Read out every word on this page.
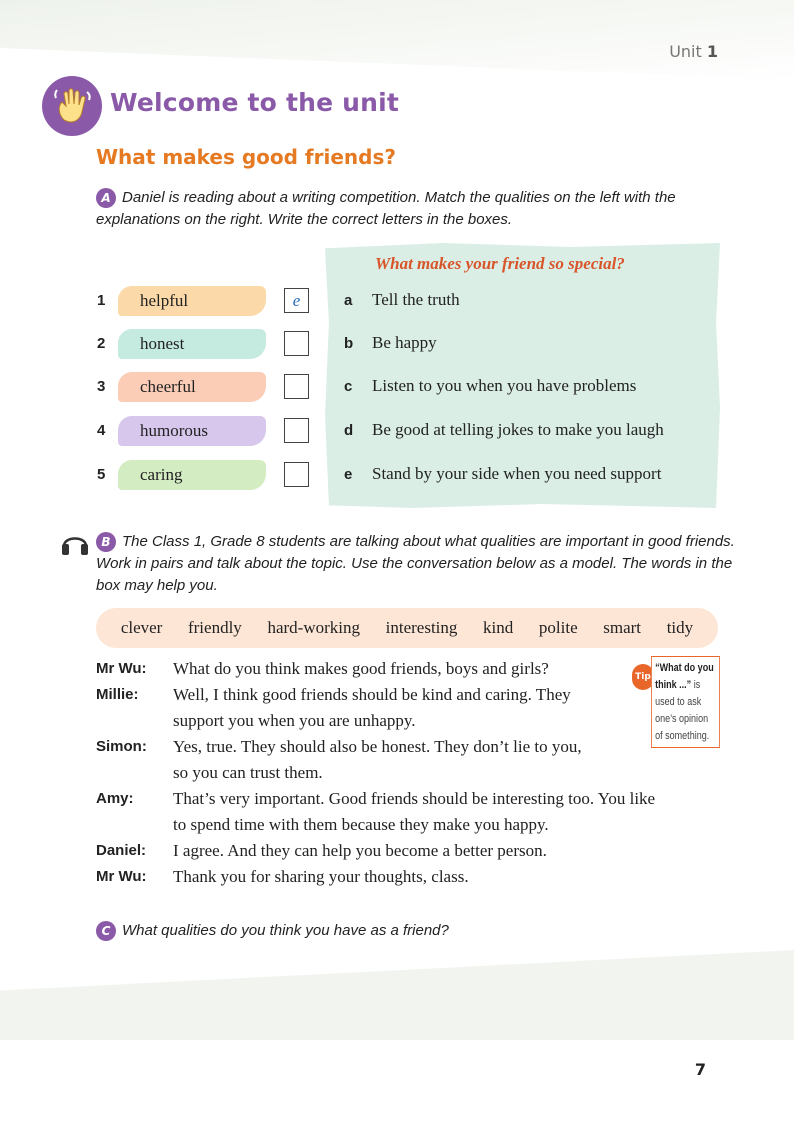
Unit 1
Welcome to the unit
What makes good friends?
A Daniel is reading about a writing competition. Match the qualities on the left with the explanations on the right. Write the correct letters in the boxes.
What makes your friend so special?
1	helpful	e
2	honest
3	cheerful
4	humorous
5	caring
a Tell the truth
b Be happy
c Listen to you when you have problems
d Be good at telling jokes to make you laugh
e Stand by your side when you need support
B The Class 1, Grade 8 students are talking about what qualities are important in good friends. Work in pairs and talk about the topic. Use the conversation below as a model. The words in the box may help you.
clever friendly hard-working interesting kind polite smart tidy
Mr Wu: What do you think makes good friends, boys and girls?
Millie: Well, I think good friends should be kind and caring. They
support you when you are unhappy.
Simon: Yes, true. They should also be honest. They don’t lie to you,
so you can trust them.
Amy: That’s very important. Good friends should be interesting too. You like
to spend time with them because they make you happy.
Daniel: I agree. And they can help you become a better person.
Mr Wu: Thank you for sharing your thoughts, class.
Tip
“What do you think ...” is used to ask one’s opinion of something.
C What qualities do you think you have as a friend?
7
